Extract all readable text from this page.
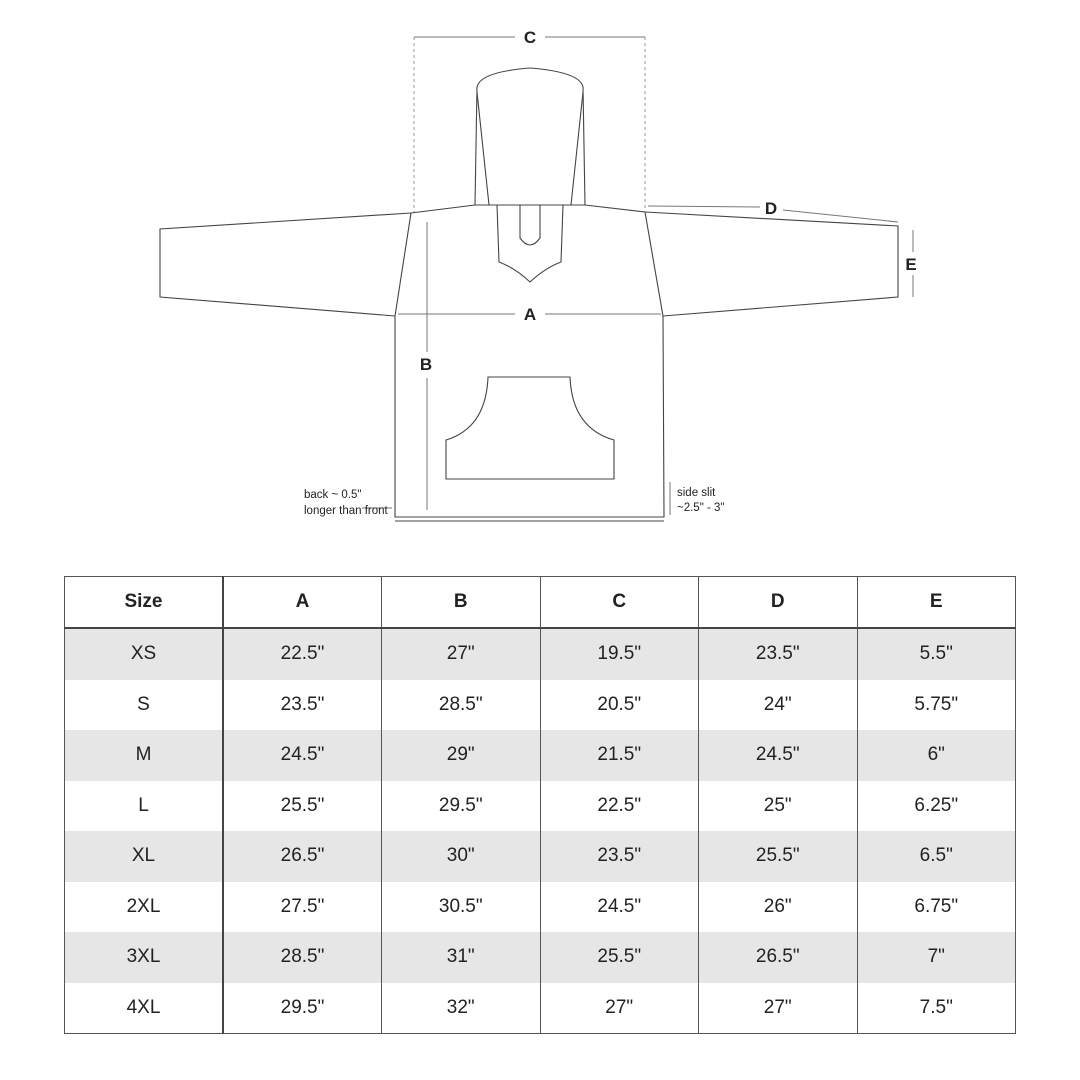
C
D
E
A
B
back ~ 0.5"
longer than front
side slit
~2.5" - 3"
Size	A	B	C	D	E
XS	22.5"	27"	19.5"	23.5"	5.5"
S	23.5"	28.5"	20.5"	24"	5.75"
M	24.5"	29"	21.5"	24.5"	6"
L	25.5"	29.5"	22.5"	25"	6.25"
XL	26.5"	30"	23.5"	25.5"	6.5"
2XL	27.5"	30.5"	24.5"	26"	6.75"
3XL	28.5"	31"	25.5"	26.5"	7"
4XL	29.5"	32"	27"	27"	7.5"
